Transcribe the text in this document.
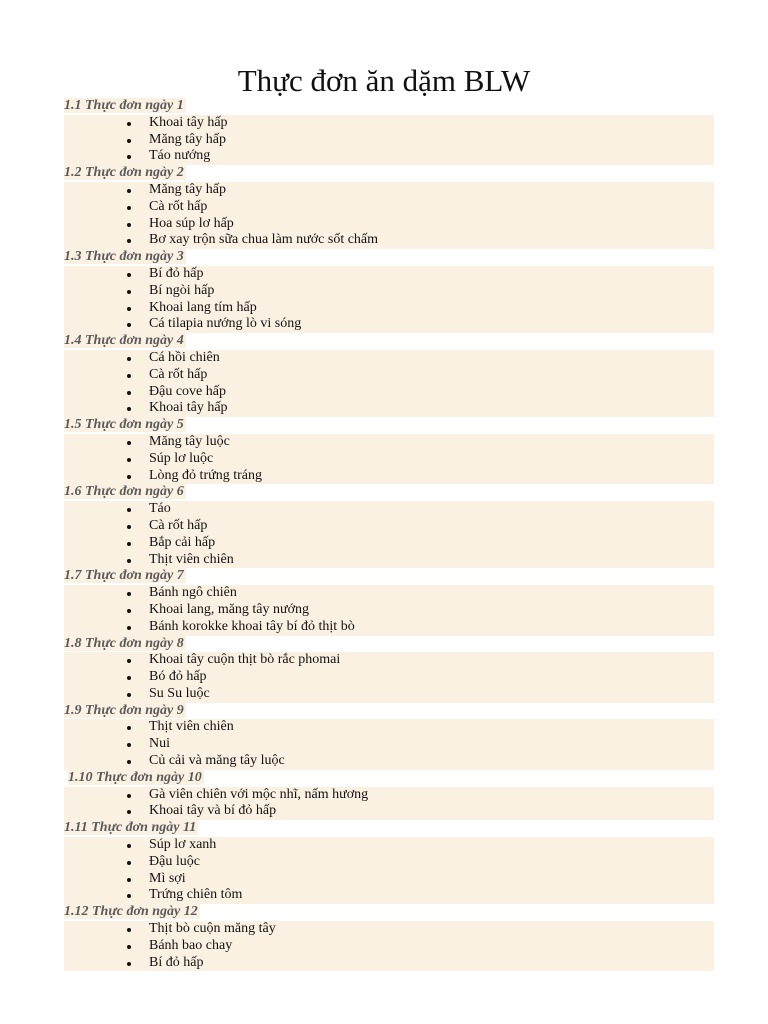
Thực đơn ăn dặm BLW
1.1 Thực đơn ngày 1
Khoai tây hấp
Măng tây hấp
Táo nướng
1.2 Thực đơn ngày 2
Măng tây hấp
Cà rốt hấp
Hoa súp lơ hấp
Bơ xay trộn sữa chua làm nước sốt chấm
1.3 Thực đơn ngày 3
Bí đỏ hấp
Bí ngòi hấp
Khoai lang tím hấp
Cá tilapia nướng lò vi sóng
1.4 Thực đơn ngày 4
Cá hồi chiên
Cà rốt hấp
Đậu cove hấp
Khoai tây hấp
1.5 Thực đơn ngày 5
Măng tây luộc
Súp lơ luộc
Lòng đỏ trứng tráng
1.6 Thực đơn ngày 6
Táo
Cà rốt hấp
Bắp cải hấp
Thịt viên chiên
1.7 Thực đơn ngày 7
Bánh ngô chiên
Khoai lang, măng tây nướng
Bánh korokke khoai tây bí đỏ thịt bò
1.8 Thực đơn ngày 8
Khoai tây cuộn thịt bò rắc phomai
Bó đỏ hấp
Su Su luộc
1.9 Thực đơn ngày 9
Thịt viên chiên
Nui
Củ cải và măng tây luộc
1.10 Thực đơn ngày 10
Gà viên chiên với mộc nhĩ, nấm hương
Khoai tây và bí đỏ hấp
1.11 Thực đơn ngày 11
Súp lơ xanh
Đậu luộc
Mì sợi
Trứng chiên tôm
1.12 Thực đơn ngày 12
Thịt bò cuộn măng tây
Bánh bao chay
Bí đỏ hấp
